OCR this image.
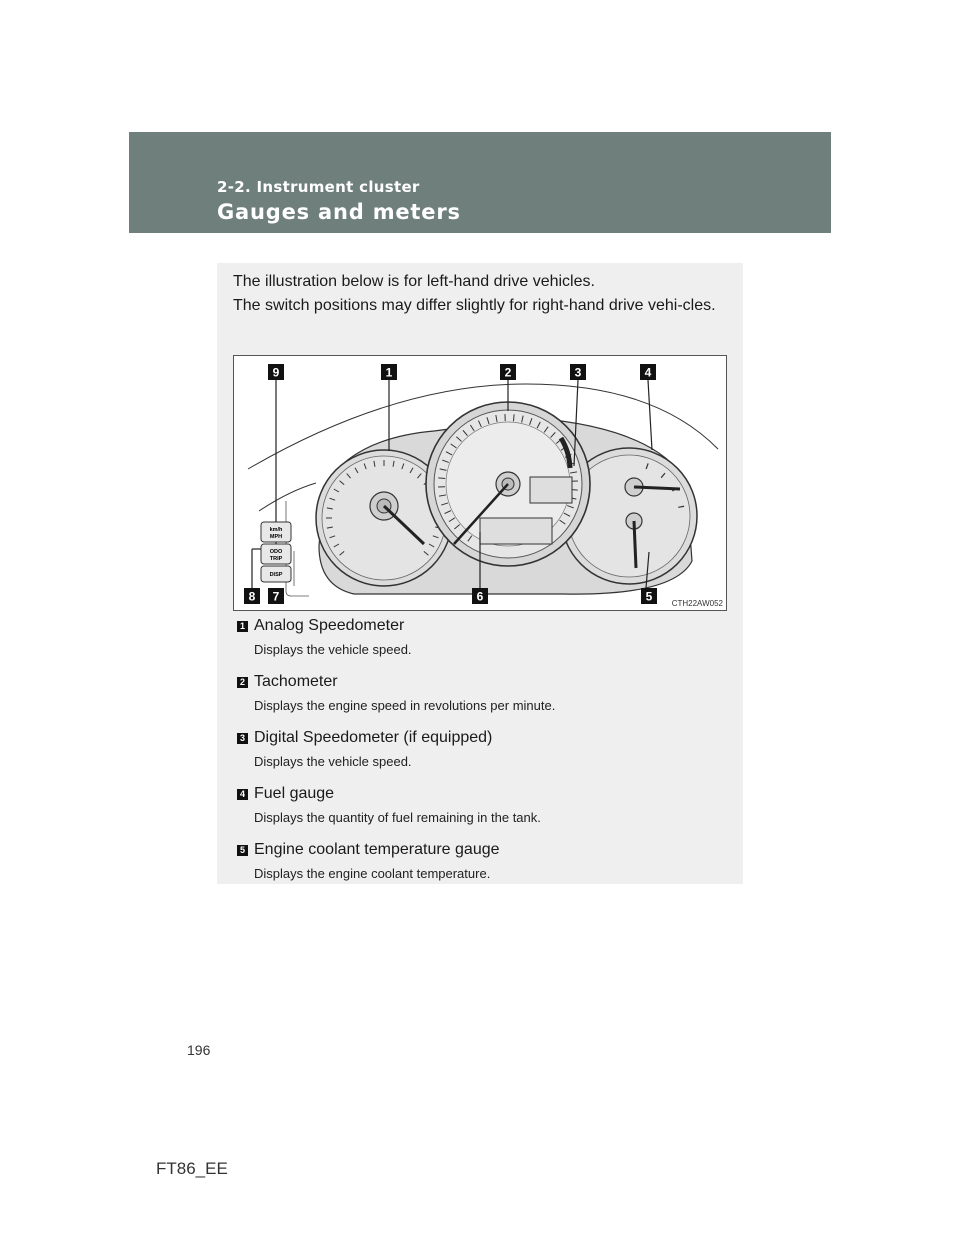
2-2. Instrument cluster
Gauges and meters

The illustration below is for left-hand drive vehicles.

The switch positions may differ slightly for right-hand drive vehi-cles.

km/h
MPH
ODO
TRIP
DISP
9	1	2	3	4
8 7	6	5 CTH22AW052
1 Analog Speedometer
Displays the vehicle speed.
2 Tachometer
Displays the engine speed in revolutions per minute.
3 Digital Speedometer (if equipped)
Displays the vehicle speed.
4 Fuel gauge
Displays the quantity of fuel remaining in the tank.
5 Engine coolant temperature gauge
Displays the engine coolant temperature.
196
FT86_EE
